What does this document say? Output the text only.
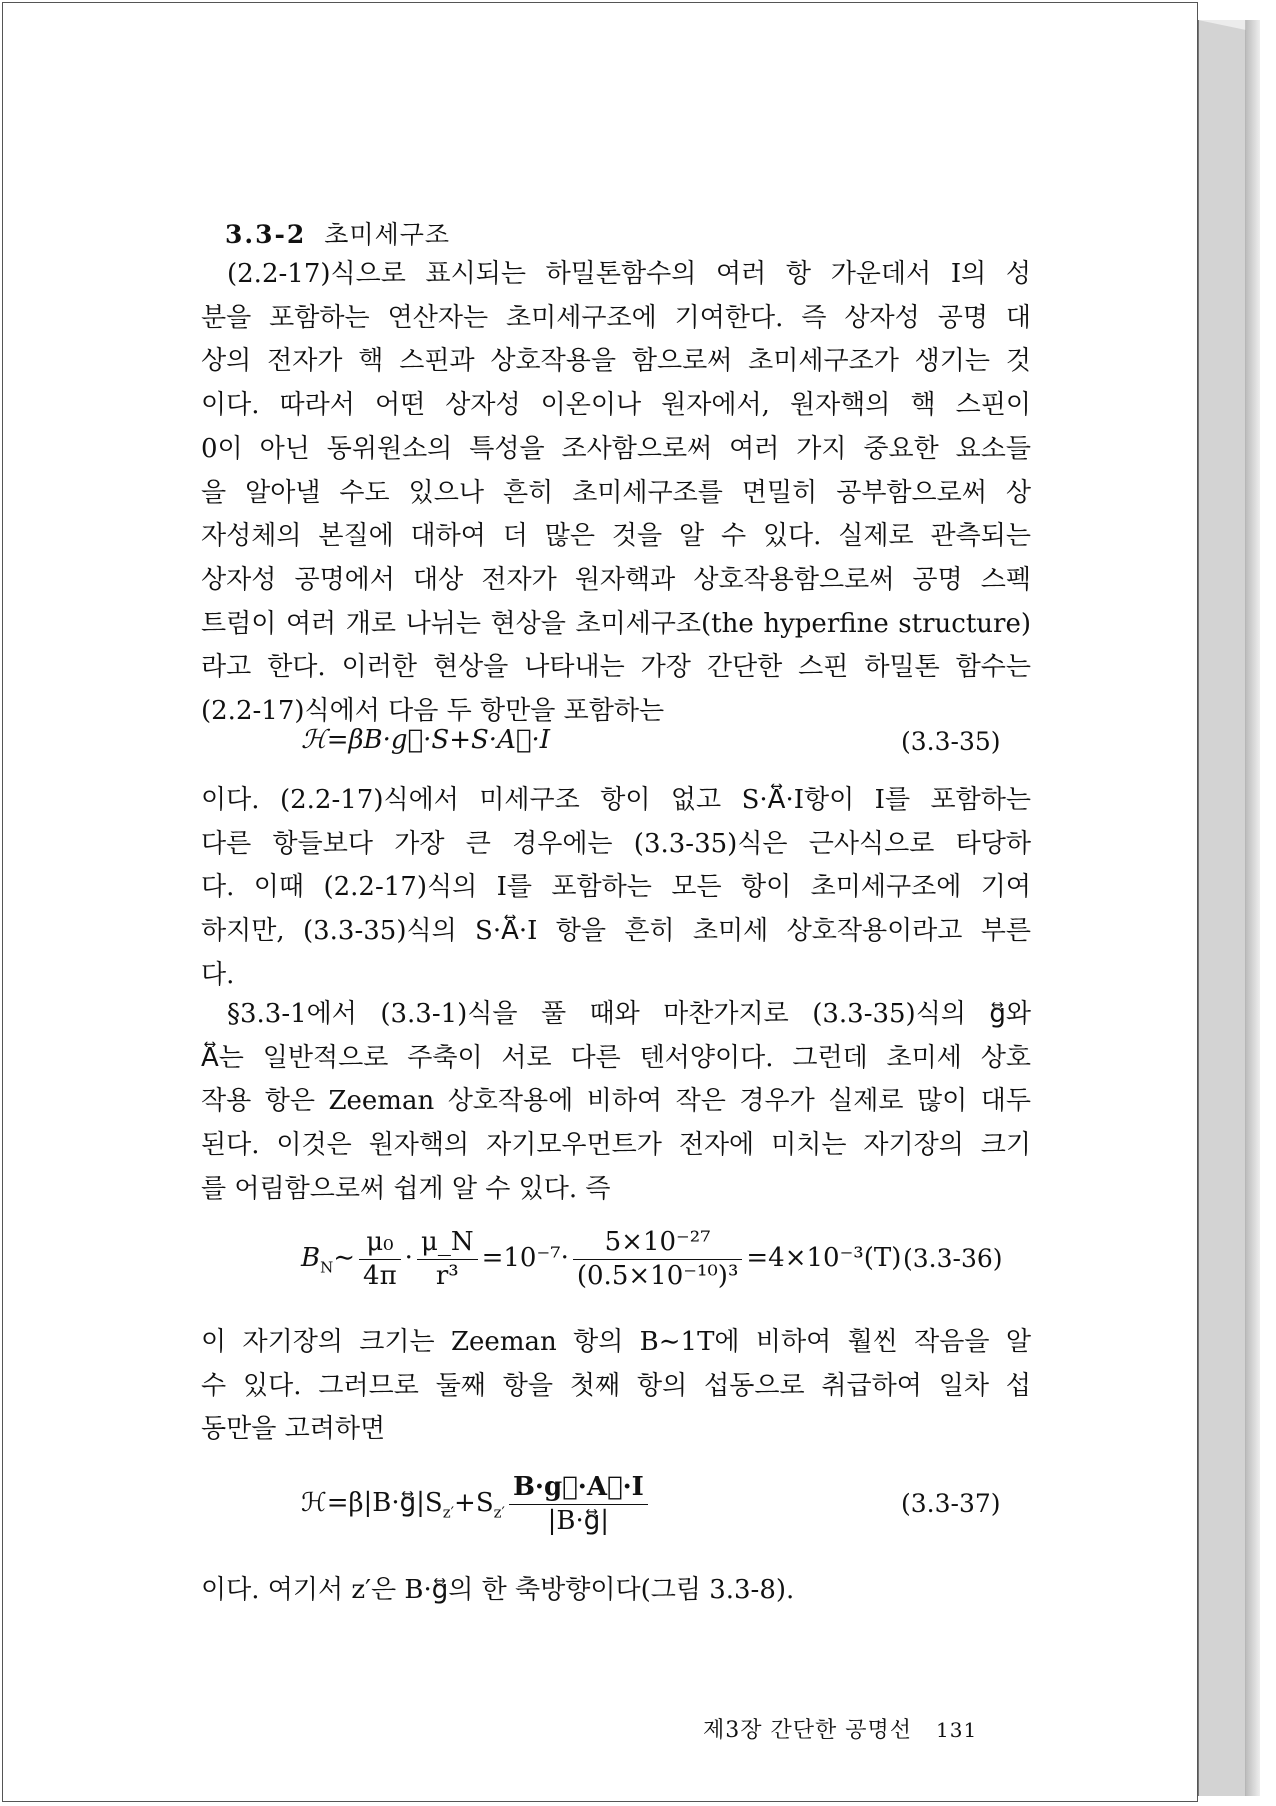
3.3-2 초미세구조
(2.2-17)식으로 표시되는 하밀톤함수의 여러 항 가운데서 I의 성
분을 포함하는 연산자는 초미세구조에 기여한다. 즉 상자성 공명 대
상의 전자가 핵 스핀과 상호작용을 함으로써 초미세구조가 생기는 것
이다. 따라서 어떤 상자성 이온이나 원자에서, 원자핵의 핵 스핀이
0이 아닌 동위원소의 특성을 조사함으로써 여러 가지 중요한 요소들
을 알아낼 수도 있으나 흔히 초미세구조를 면밀히 공부함으로써 상
자성체의 본질에 대하여 더 많은 것을 알 수 있다. 실제로 관측되는
상자성 공명에서 대상 전자가 원자핵과 상호작용함으로써 공명 스펙
트럼이 여러 개로 나뉘는 현상을 초미세구조(the hyperfine structure)
라고 한다. 이러한 현상을 나타내는 가장 간단한 스핀 하밀톤 함수는
(2.2-17)식에서 다음 두 항만을 포함하는
ℋ=βB·g⃡·S+S·A⃡·I	(3.3-35)
이다. (2.2-17)식에서 미세구조 항이 없고 S·A⃡·I항이 I를 포함하는
다른 항들보다 가장 큰 경우에는 (3.3-35)식은 근사식으로 타당하
다. 이때 (2.2-17)식의 I를 포함하는 모든 항이 초미세구조에 기여
하지만, (3.3-35)식의 S·A⃡·I 항을 흔히 초미세 상호작용이라고 부른
다.
§3.3-1에서 (3.3-1)식을 풀 때와 마찬가지로 (3.3-35)식의 g⃡와
A⃡는 일반적으로 주축이 서로 다른 텐서양이다. 그런데 초미세 상호
작용 항은 Zeeman 상호작용에 비하여 작은 경우가 실제로 많이 대두
된다. 이것은 원자핵의 자기모우먼트가 전자에 미치는 자기장의 크기
를 어림함으로써 쉽게 알 수 있다. 즉
$B_N\sim \frac{\text{μ₀}}{4\pi} \cdot \frac{\mu\_N}{\text{r³}} =10^{-7}\cdot \frac{\text{5×10⁻²⁷}}{\text{(0.5×10⁻¹⁰)³}} =4\times 10^{-3}(T)$ (3.3-36)
이 자기장의 크기는 Zeeman 항의 B∼1T에 비하여 훨씬 작음을 알
수 있다. 그러므로 둘째 항을 첫째 항의 섭동으로 취급하여 일차 섭
동만을 고려하면
$ℋ=\beta|B\cdot g⃡|S_{z'}+S_{z'} \frac{B\cdot g⃡\cdot A⃡\cdot I}{|B\cdot g⃡|}$	(3.3-37)
이다. 여기서 z′은 B·g⃡의 한 축방향이다(그림 3.3-8).
제3장 간단한 공명선 131
